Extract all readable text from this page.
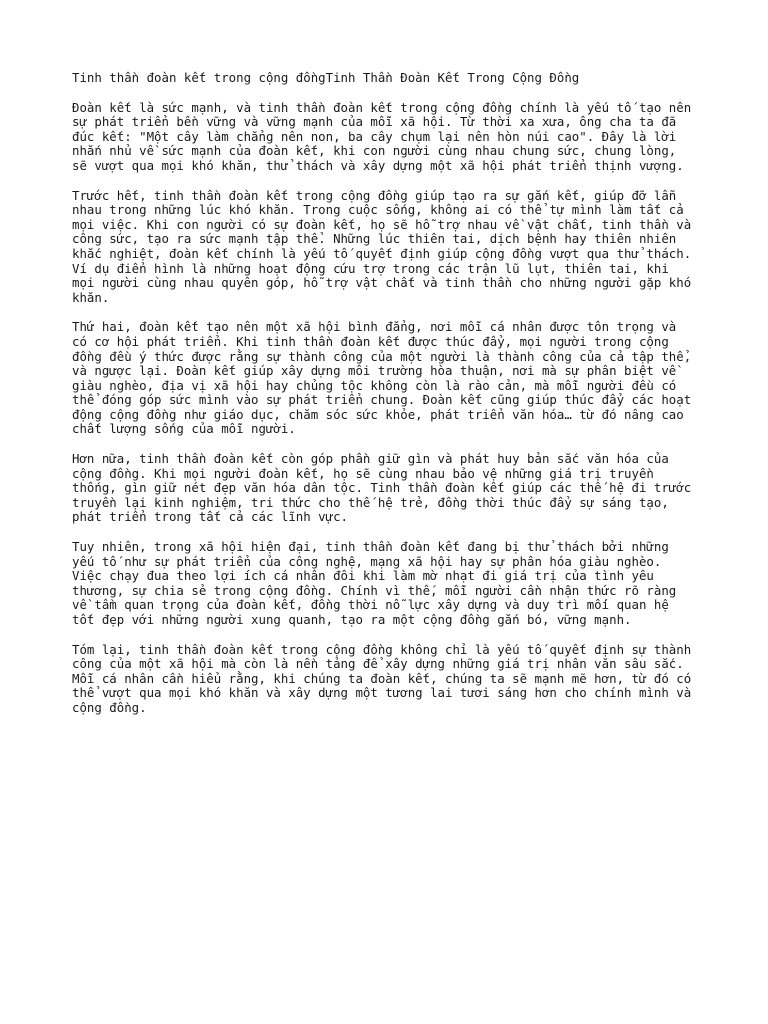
Tinh thần đoàn kết trong cộng đồngTinh Thần Đoàn Kết Trong Cộng Đồng

Đoàn kết là sức mạnh, và tinh thần đoàn kết trong cộng đồng chính là yếu tố tạo nên
sự phát triển bền vững và vững mạnh của mỗi xã hội. Từ thời xa xưa, ông cha ta đã
đúc kết: "Một cây làm chẳng nên non, ba cây chụm lại nên hòn núi cao". Đây là lời
nhắn nhủ về sức mạnh của đoàn kết, khi con người cùng nhau chung sức, chung lòng,
sẽ vượt qua mọi khó khăn, thử thách và xây dựng một xã hội phát triển thịnh vượng.

Trước hết, tinh thần đoàn kết trong cộng đồng giúp tạo ra sự gắn kết, giúp đỡ lẫn
nhau trong những lúc khó khăn. Trong cuộc sống, không ai có thể tự mình làm tất cả
mọi việc. Khi con người có sự đoàn kết, họ sẽ hỗ trợ nhau về vật chất, tinh thần và
công sức, tạo ra sức mạnh tập thể. Những lúc thiên tai, dịch bệnh hay thiên nhiên
khắc nghiệt, đoàn kết chính là yếu tố quyết định giúp cộng đồng vượt qua thử thách.
Ví dụ điển hình là những hoạt động cứu trợ trong các trận lũ lụt, thiên tai, khi
mọi người cùng nhau quyên góp, hỗ trợ vật chất và tinh thần cho những người gặp khó
khăn.

Thứ hai, đoàn kết tạo nên một xã hội bình đẳng, nơi mỗi cá nhân được tôn trọng và
có cơ hội phát triển. Khi tinh thần đoàn kết được thúc đẩy, mọi người trong cộng
đồng đều ý thức được rằng sự thành công của một người là thành công của cả tập thể,
và ngược lại. Đoàn kết giúp xây dựng môi trường hòa thuận, nơi mà sự phân biệt về
giàu nghèo, địa vị xã hội hay chủng tộc không còn là rào cản, mà mỗi người đều có
thể đóng góp sức mình vào sự phát triển chung. Đoàn kết cũng giúp thúc đẩy các hoạt
động cộng đồng như giáo dục, chăm sóc sức khỏe, phát triển văn hóa… từ đó nâng cao
chất lượng sống của mỗi người.

Hơn nữa, tinh thần đoàn kết còn góp phần giữ gìn và phát huy bản sắc văn hóa của
cộng đồng. Khi mọi người đoàn kết, họ sẽ cùng nhau bảo vệ những giá trị truyền
thống, gìn giữ nét đẹp văn hóa dân tộc. Tinh thần đoàn kết giúp các thế hệ đi trước
truyền lại kinh nghiệm, tri thức cho thế hệ trẻ, đồng thời thúc đẩy sự sáng tạo,
phát triển trong tất cả các lĩnh vực.

Tuy nhiên, trong xã hội hiện đại, tinh thần đoàn kết đang bị thử thách bởi những
yếu tố như sự phát triển của công nghệ, mạng xã hội hay sự phân hóa giàu nghèo.
Việc chạy đua theo lợi ích cá nhân đôi khi làm mờ nhạt đi giá trị của tình yêu
thương, sự chia sẻ trong cộng đồng. Chính vì thế, mỗi người cần nhận thức rõ ràng
về tầm quan trọng của đoàn kết, đồng thời nỗ lực xây dựng và duy trì mối quan hệ
tốt đẹp với những người xung quanh, tạo ra một cộng đồng gắn bó, vững mạnh.

Tóm lại, tinh thần đoàn kết trong cộng đồng không chỉ là yếu tố quyết định sự thành
công của một xã hội mà còn là nền tảng để xây dựng những giá trị nhân văn sâu sắc.
Mỗi cá nhân cần hiểu rằng, khi chúng ta đoàn kết, chúng ta sẽ mạnh mẽ hơn, từ đó có
thể vượt qua mọi khó khăn và xây dựng một tương lai tươi sáng hơn cho chính mình và
cộng đồng.
